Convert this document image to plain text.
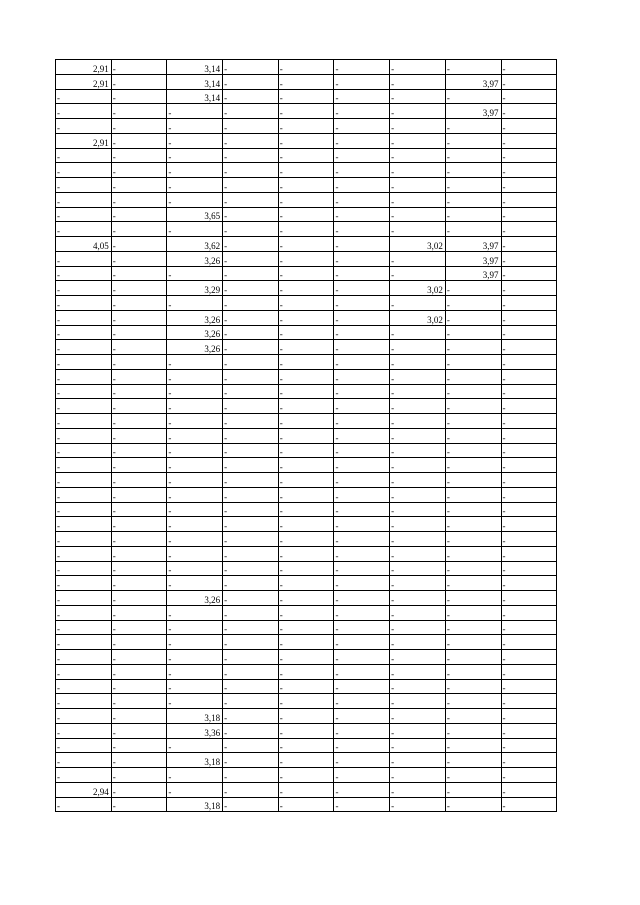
2,91	-	3,14	-	-	-	-	-	-
2,91	-	3,14	-	-	-	-	3,97	-
-	-	3,14	-	-	-	-	-	-
-	-	-	-	-	-	-	3,97	-
-	-	-	-	-	-	-	-	-
2,91	-	-	-	-	-	-	-	-
-	-	-	-	-	-	-	-	-
-	-	-	-	-	-	-	-	-
-	-	-	-	-	-	-	-	-
-	-	-	-	-	-	-	-	-
-	-	3,65	-	-	-	-	-	-
-	-	-	-	-	-	-	-	-
4,05	-	3,62	-	-	-	3,02	3,97	-
-	-	3,26	-	-	-	-	3,97	-
-	-	-	-	-	-	-	3,97	-
-	-	3,29	-	-	-	3,02	-	-
-	-	-	-	-	-	-	-	-
-	-	3,26	-	-	-	3,02	-	-
-	-	3,26	-	-	-	-	-	-
-	-	3,26	-	-	-	-	-	-
-	-	-	-	-	-	-	-	-
-	-	-	-	-	-	-	-	-
-	-	-	-	-	-	-	-	-
-	-	-	-	-	-	-	-	-
-	-	-	-	-	-	-	-	-
-	-	-	-	-	-	-	-	-
-	-	-	-	-	-	-	-	-
-	-	-	-	-	-	-	-	-
-	-	-	-	-	-	-	-	-
-	-	-	-	-	-	-	-	-
-	-	-	-	-	-	-	-	-
-	-	-	-	-	-	-	-	-
-	-	-	-	-	-	-	-	-
-	-	-	-	-	-	-	-	-
-	-	-	-	-	-	-	-	-
-	-	-	-	-	-	-	-	-
-	-	3,26	-	-	-	-	-	-
-	-	-	-	-	-	-	-	-
-	-	-	-	-	-	-	-	-
-	-	-	-	-	-	-	-	-
-	-	-	-	-	-	-	-	-
-	-	-	-	-	-	-	-	-
-	-	-	-	-	-	-	-	-
-	-	-	-	-	-	-	-	-
-	-	3,18	-	-	-	-	-	-
-	-	3,36	-	-	-	-	-	-
-	-	-	-	-	-	-	-	-
-	-	3,18	-	-	-	-	-	-
-	-	-	-	-	-	-	-	-
2,94	-	-	-	-	-	-	-	-
-	-	3,18	-	-	-	-	-	-
